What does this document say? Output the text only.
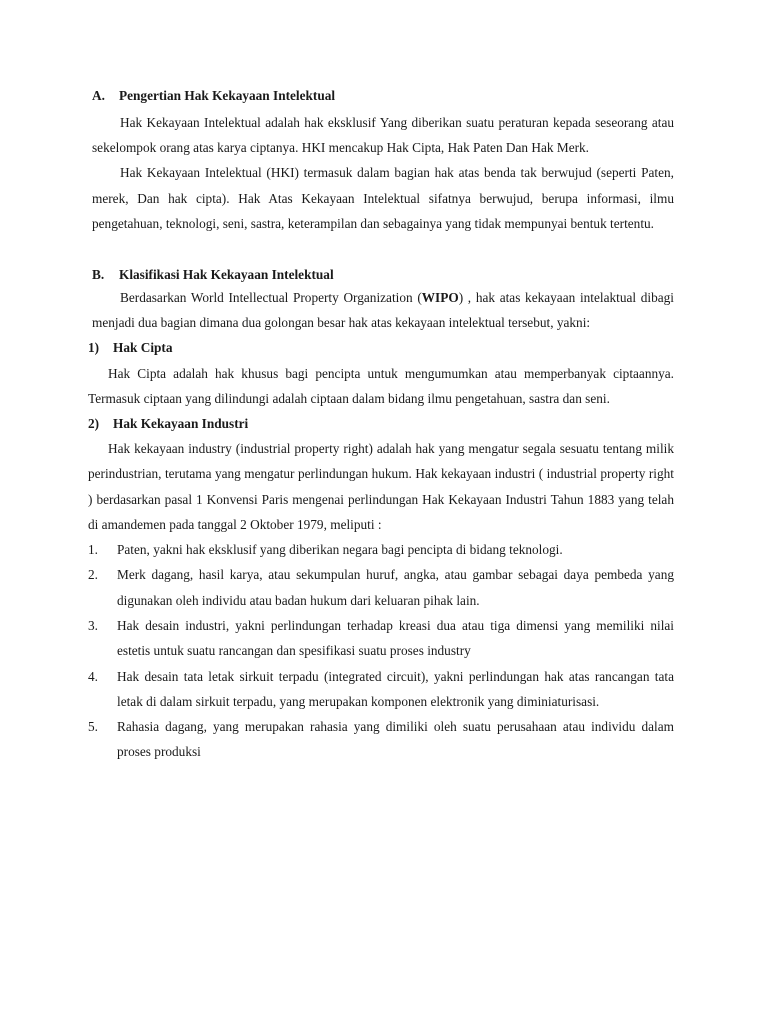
A.	Pengertian Hak Kekayaan Intelektual

Hak Kekayaan Intelektual adalah hak eksklusif Yang diberikan suatu peraturan kepada seseorang atau sekelompok orang atas karya ciptanya. HKI mencakup Hak Cipta, Hak Paten Dan Hak Merk.

Hak Kekayaan Intelektual (HKI) termasuk dalam bagian hak atas benda tak berwujud (seperti Paten, merek, Dan hak cipta). Hak Atas Kekayaan Intelektual sifatnya berwujud, berupa informasi, ilmu pengetahuan, teknologi, seni, sastra, keterampilan dan sebagainya yang tidak mempunyai bentuk tertentu.

B.	Klasifikasi Hak Kekayaan Intelektual

Berdasarkan World Intellectual Property Organization (WIPO) , hak atas kekayaan intelaktual dibagi menjadi dua bagian dimana dua golongan besar hak atas kekayaan intelektual tersebut, yakni:

1)	Hak Cipta

Hak Cipta adalah hak khusus bagi pencipta untuk mengumumkan atau memperbanyak ciptaannya. Termasuk ciptaan yang dilindungi adalah ciptaan dalam bidang ilmu pengetahuan, sastra dan seni.

2)	Hak Kekayaan Industri

Hak kekayaan industry (industrial property right) adalah hak yang mengatur segala sesuatu tentang milik perindustrian, terutama yang mengatur perlindungan hukum. Hak kekayaan industri ( industrial property right ) berdasarkan pasal 1 Konvensi Paris mengenai perlindungan Hak Kekayaan Industri Tahun 1883 yang telah di amandemen pada tanggal 2 Oktober 1979, meliputi :

1.	Paten, yakni hak eksklusif yang diberikan negara bagi pencipta di bidang teknologi.
2.	Merk dagang, hasil karya, atau sekumpulan huruf, angka, atau gambar sebagai daya pembeda yang digunakan oleh individu atau badan hukum dari keluaran pihak lain.
3.	Hak desain industri, yakni perlindungan terhadap kreasi dua atau tiga dimensi yang memiliki nilai estetis untuk suatu rancangan dan spesifikasi suatu proses industry
4.	Hak desain tata letak sirkuit terpadu (integrated circuit), yakni perlindungan hak atas rancangan tata letak di dalam sirkuit terpadu, yang merupakan komponen elektronik yang diminiaturisasi.
5.	Rahasia dagang, yang merupakan rahasia yang dimiliki oleh suatu perusahaan atau individu dalam proses produksi
